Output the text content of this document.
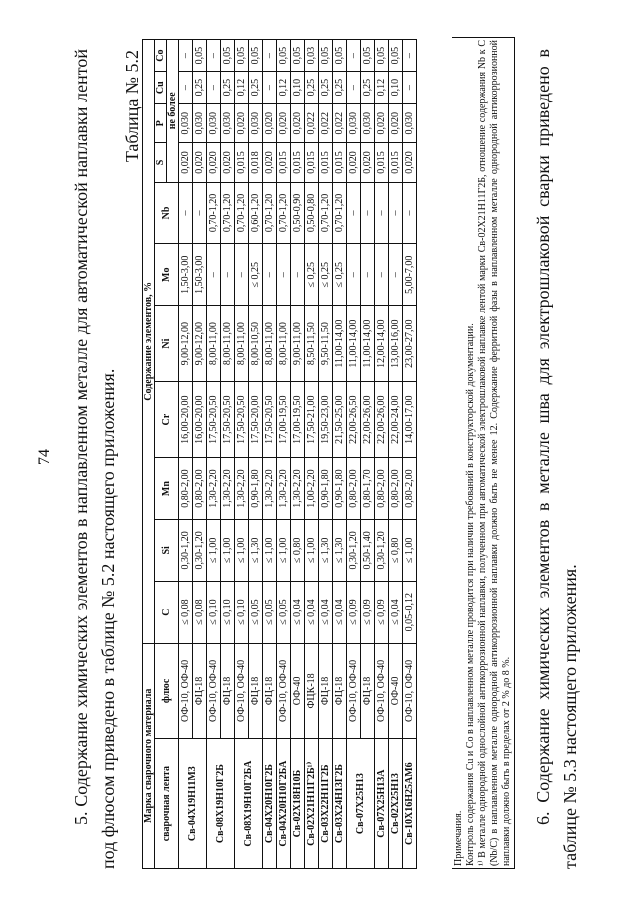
74 5. Содержание химических элементов в наплавленном металле для автоматической наплавки лентой под флюсом приведено в таблице № 5.2 настоящего приложения.
Таблица № 5.2
Марка сварочного материала		Содержание элементов, %										
сварочная лента	флюс	C	Si	Mn	Cr	Ni	Mo	Nb	S	P	Cu	Co
									не более			
Св-04Х19Н11М3	ОФ-10, ОФ-40	≤ 0,08	0,30-1,20	0,80-2,00	16,00-20,00	9,00-12,00	1,50-3,00	–	0,020	0,030	–	–
	ФЦ-18	≤ 0,08	0,30-1,20	0,80-2,00	16,00-20,00	9,00-12,00	1,50-3,00	–	0,020	0,030	0,25	0,05
Св-08Х19Н10Г2Б	ОФ-10, ОФ-40	≤ 0,10	≤ 1,00	1,30-2,20	17,50-20,50	8,00-11,00	–	0,70-1,20	0,020	0,030	–	–
	ФЦ-18	≤ 0,10	≤ 1,00	1,30-2,20	17,50-20,50	8,00-11,00	–	0,70-1,20	0,020	0,030	0,25	0,05
Св-08Х19Н10Г2БА	ОФ-10, ОФ-40	≤ 0,10	≤ 1,00	1,30-2,20	17,50-20,50	8,00-11,00	–	0,70-1,20	0,015	0,020	0,12	0,05
	ФЦ-18	≤ 0,05	≤ 1,30	0,90-1,80	17,50-20,00	8,00-10,50	≤ 0,25	0,60-1,20	0,018	0,030	0,25	0,05
Св-04Х20Н10Г2Б	ФЦ-18	≤ 0,05	≤ 1,00	1,30-2,20	17,50-20,50	8,00-11,00	–	0,70-1,20	0,020	0,020	–	–
Св-04Х20Н10Г2БА	ОФ-10, ОФ-40	≤ 0,05	≤ 1,00	1,30-2,20	17,00-19,50	8,00-11,00	–	0,70-1,20	0,015	0,020	0,12	0,05
Св-02Х18Н10Б	ОФ-40	≤ 0,04	≤ 0,80	1,30-2,20	17,00-19,50	9,00-11,00	–	0,50-0,90	0,015	0,020	0,10	0,05
Св-02Х21Н11Г2Б¹⁾	ФЦК-18	≤ 0,04	≤ 1,00	1,00-2,20	17,50-21,00	8,50-11,50	≤ 0,25	0,50-0,80	0,015	0,022	0,25	0,03
Св-03Х22Н11Г2Б	ФЦ-18	≤ 0,04	≤ 1,30	0,90-1,80	19,50-23,00	9,50-11,50	≤ 0,25	0,70-1,20	0,015	0,022	0,25	0,05
Св-03Х24Н13Г2Б	ФЦ-18	≤ 0,04	≤ 1,30	0,90-1,80	21,50-25,00	11,00-14,00	≤ 0,25	0,70-1,20	0,015	0,022	0,25	0,05
Св-07Х25Н13	ОФ-10, ОФ-40	≤ 0,09	0,30-1,20	0,80-2,00	22,00-26,50	11,00-14,00	–	–	0,020	0,030	–	–
	ФЦ-18	≤ 0,09	0,50-1,40	0,80-1,70	22,00-26,00	11,00-14,00	–	–	0,020	0,030	0,25	0,05
Св-07Х25Н13А	ОФ-10, ОФ-40	≤ 0,09	0,30-1,20	0,80-2,00	22,00-26,00	12,00-14,00	–	–	0,015	0,020	0,12	0,05
Св-02Х25Н13	ОФ-40	≤ 0,04	≤ 0,80	0,80-2,00	22,00-24,00	13,00-16,00	–	–	0,015	0,020	0,10	0,05
Св-10Х16Н25АМ6	ОФ-10, ОФ-40	0,05-0,12	≤ 1,00	0,80-2,00	14,00-17,00	23,00-27,00	5,00-7,00	–	0,020	0,030	–	–

Примечания. Контроль содержания Cu и Co в наплавленном металле проводится при наличии требований в конструкторской документации. ¹⁾ В металле однородной однослойной антикоррозионной наплавки, полученном при автоматической электрошлаковой наплавке лентой марки Св-02Х21Н11Г2Б, отношение содержания Nb к C (Nb/C) в наплавленном металле однородной антикоррозионной наплавки должно быть не менее 12. Содержание ферритной фазы в наплавленном металле однородной антикоррозионной наплавки должно быть в пределах от 2 % до 8 %. 6. Содержание химических элементов в металле шва для электрошлаковой сварки приведено в таблице № 5.3 настоящего приложения.
